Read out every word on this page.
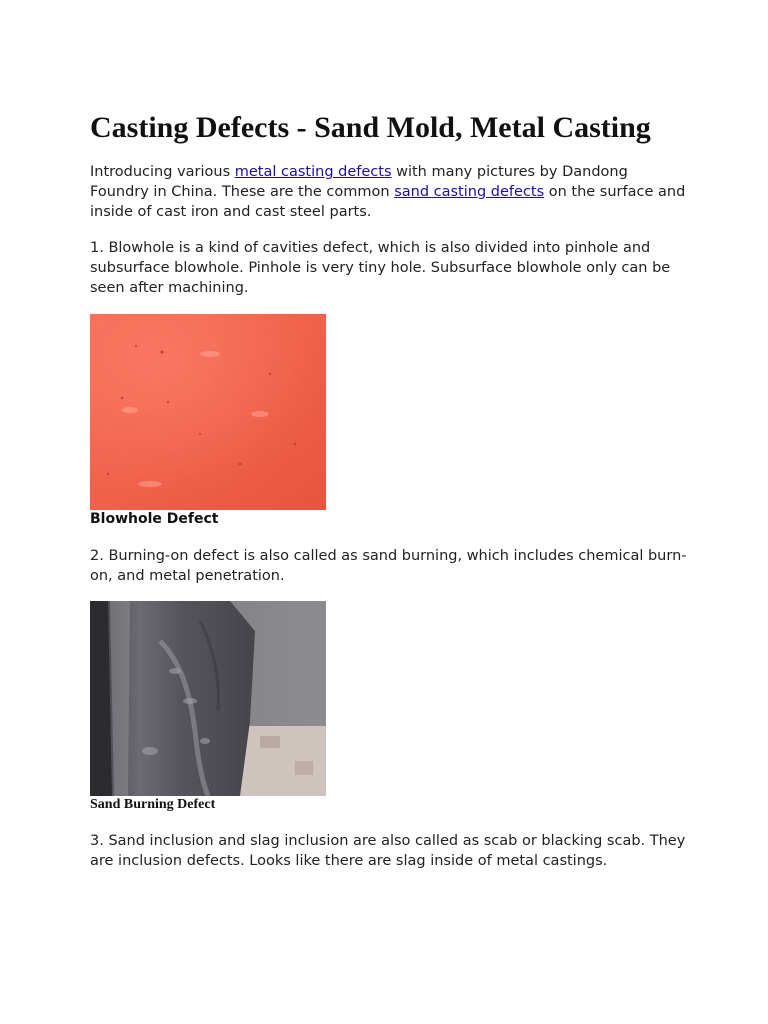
Casting Defects - Sand Mold, Metal Casting

Introducing various metal casting defects with many pictures by Dandong Foundry in China. These are the common sand casting defects on the surface and inside of cast iron and cast steel parts.

1. Blowhole is a kind of cavities defect, which is also divided into pinhole and subsurface blowhole. Pinhole is very tiny hole. Subsurface blowhole only can be seen after machining.

Blowhole Defect

2. Burning-on defect is also called as sand burning, which includes chemical burn-on, and metal penetration.

Sand Burning Defect

3. Sand inclusion and slag inclusion are also called as scab or blacking scab. They are inclusion defects. Looks like there are slag inside of metal castings.
